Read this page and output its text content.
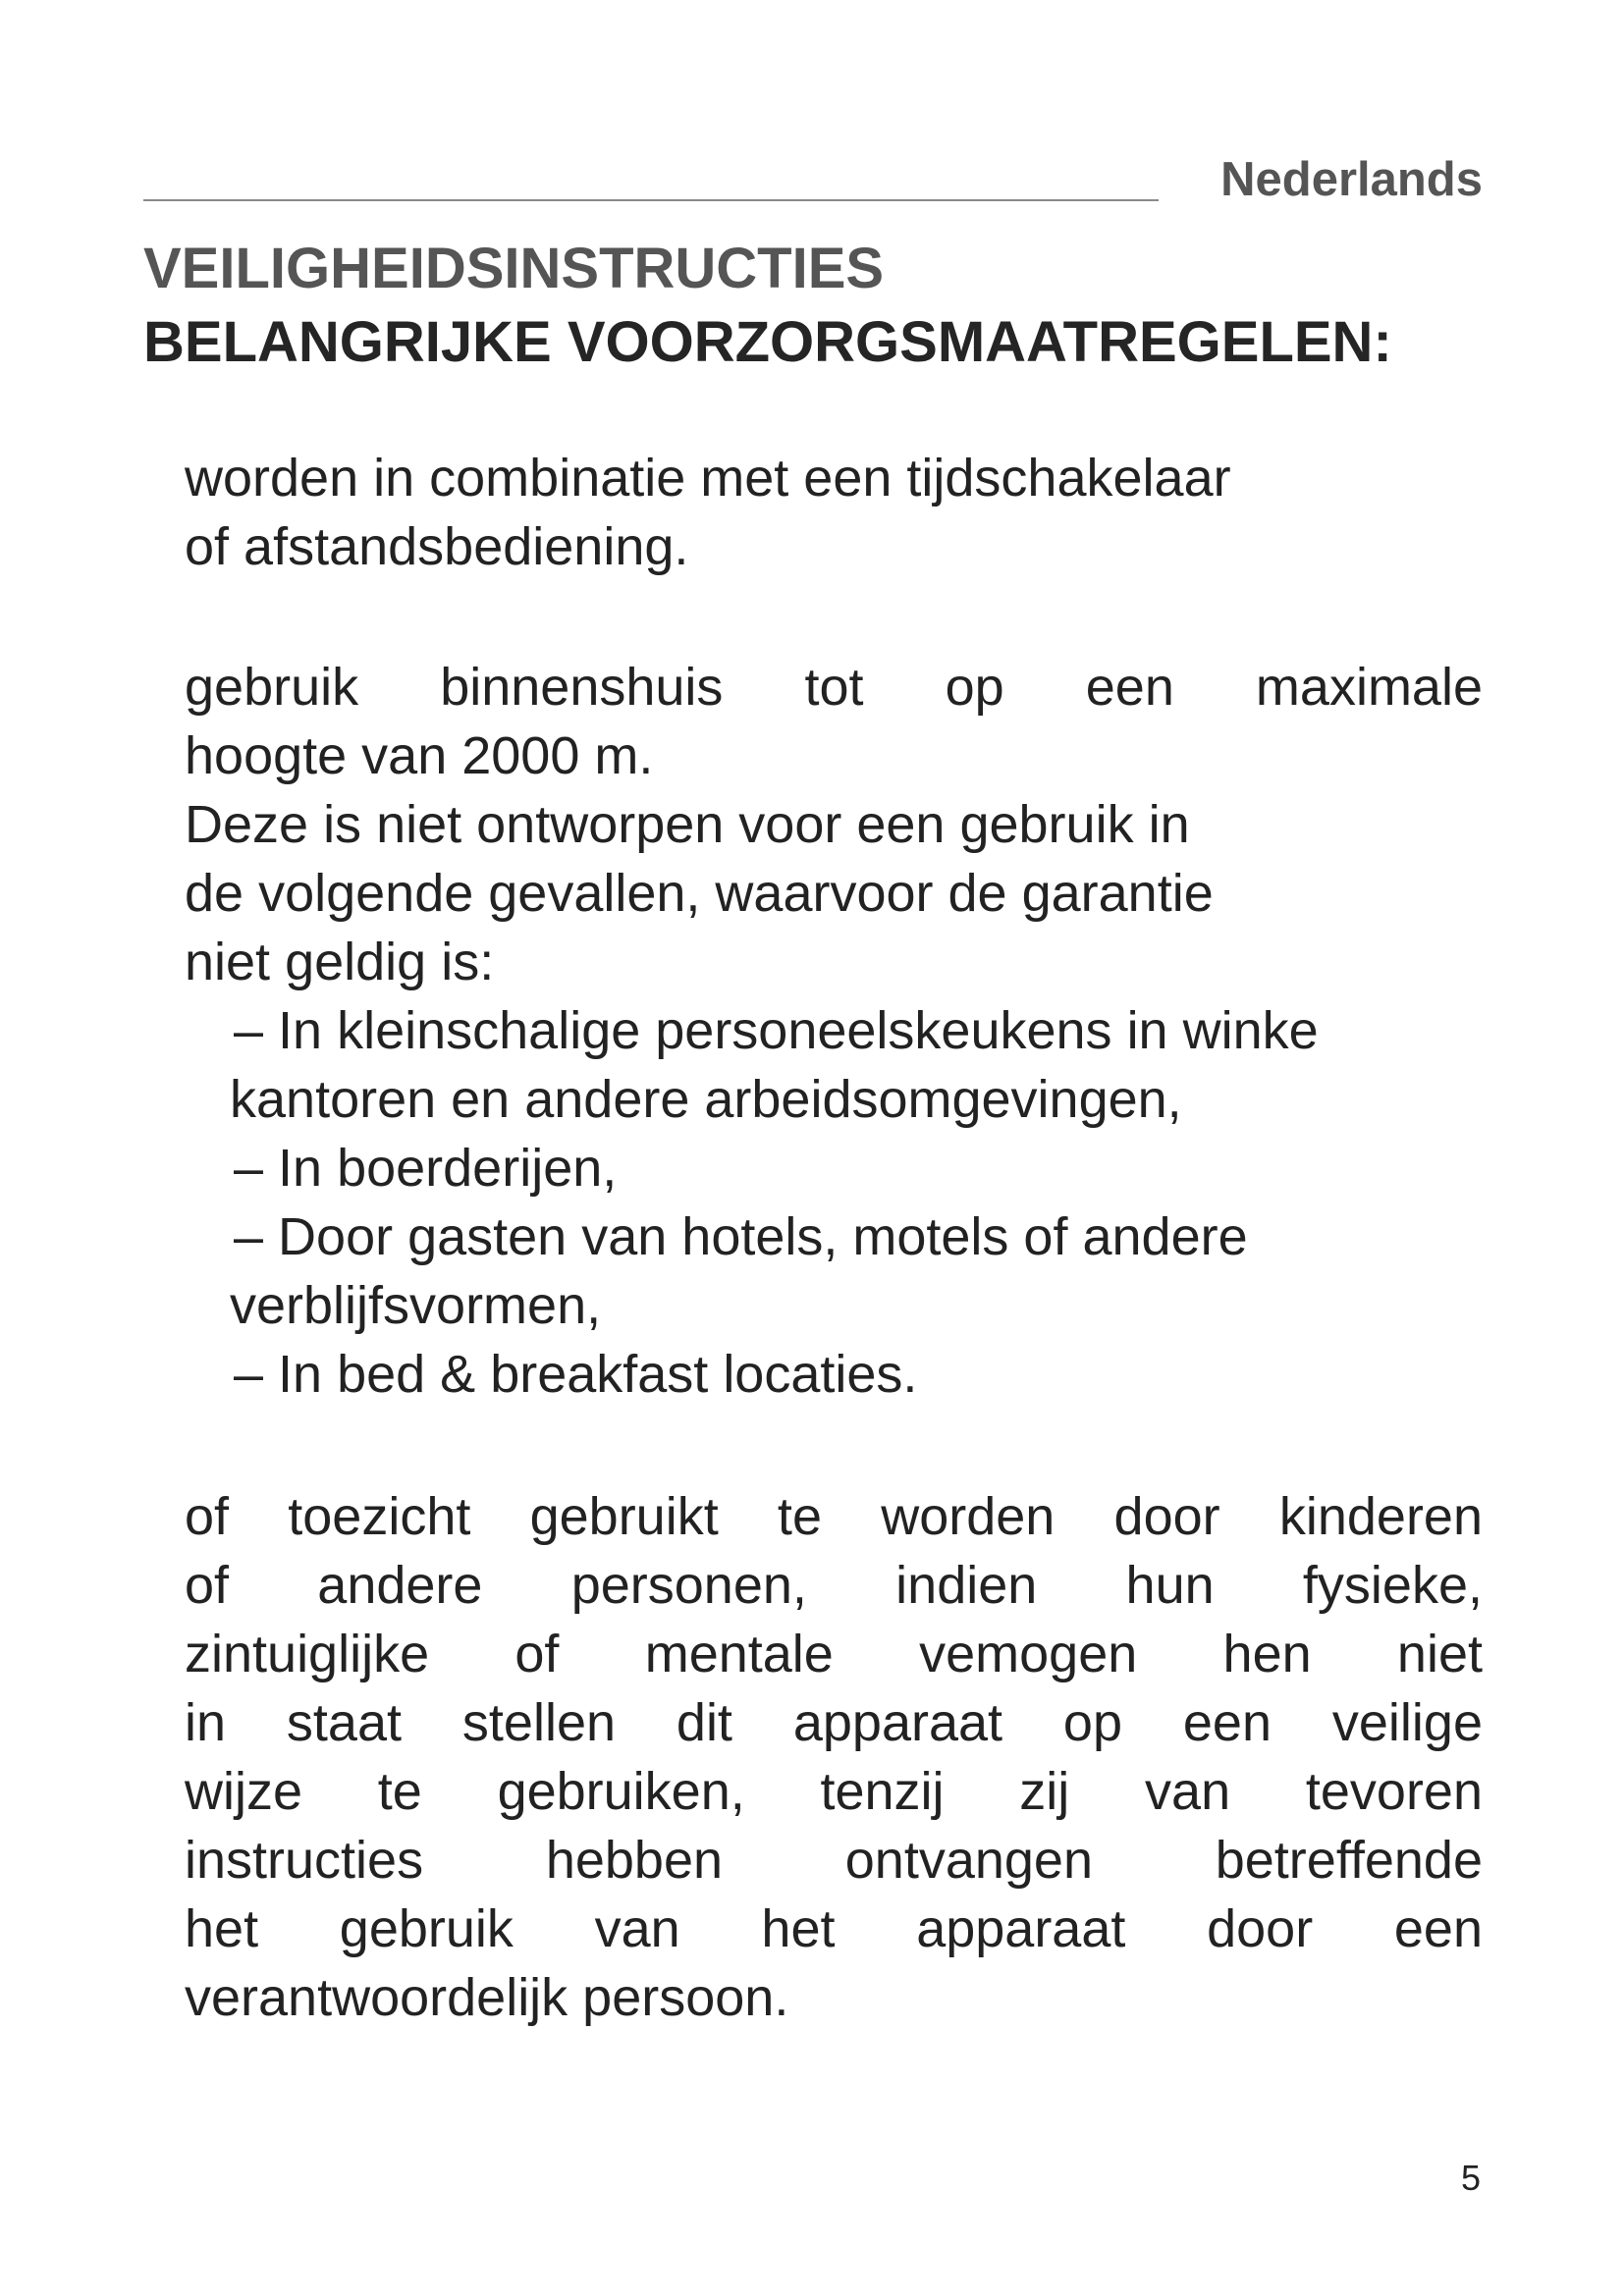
Nederlands
VEILIGHEIDSINSTRUCTIES
BELANGRIJKE VOORZORGSMAATREGELEN:
worden in combinatie met een tijdschakelaar
of afstandsbediening.
gebruik binnenshuis tot op een maximale
hoogte van 2000 m.
Deze is niet ontworpen voor een gebruik in
de volgende gevallen, waarvoor de garantie
niet geldig is:
– In kleinschalige personeelskeukens in winke
kantoren en andere arbeidsomgevingen,
– In boerderijen,
– Door gasten van hotels, motels of andere
verblijfsvormen,
– In bed & breakfast locaties.
of toezicht gebruikt te worden door kinderen
of andere personen, indien hun fysieke,
zintuiglijke of mentale vemogen hen niet
in staat stellen dit apparaat op een veilige
wijze te gebruiken, tenzij zij van tevoren
instructies hebben ontvangen betreffende
het gebruik van het apparaat door een
verantwoordelijk persoon.
5
